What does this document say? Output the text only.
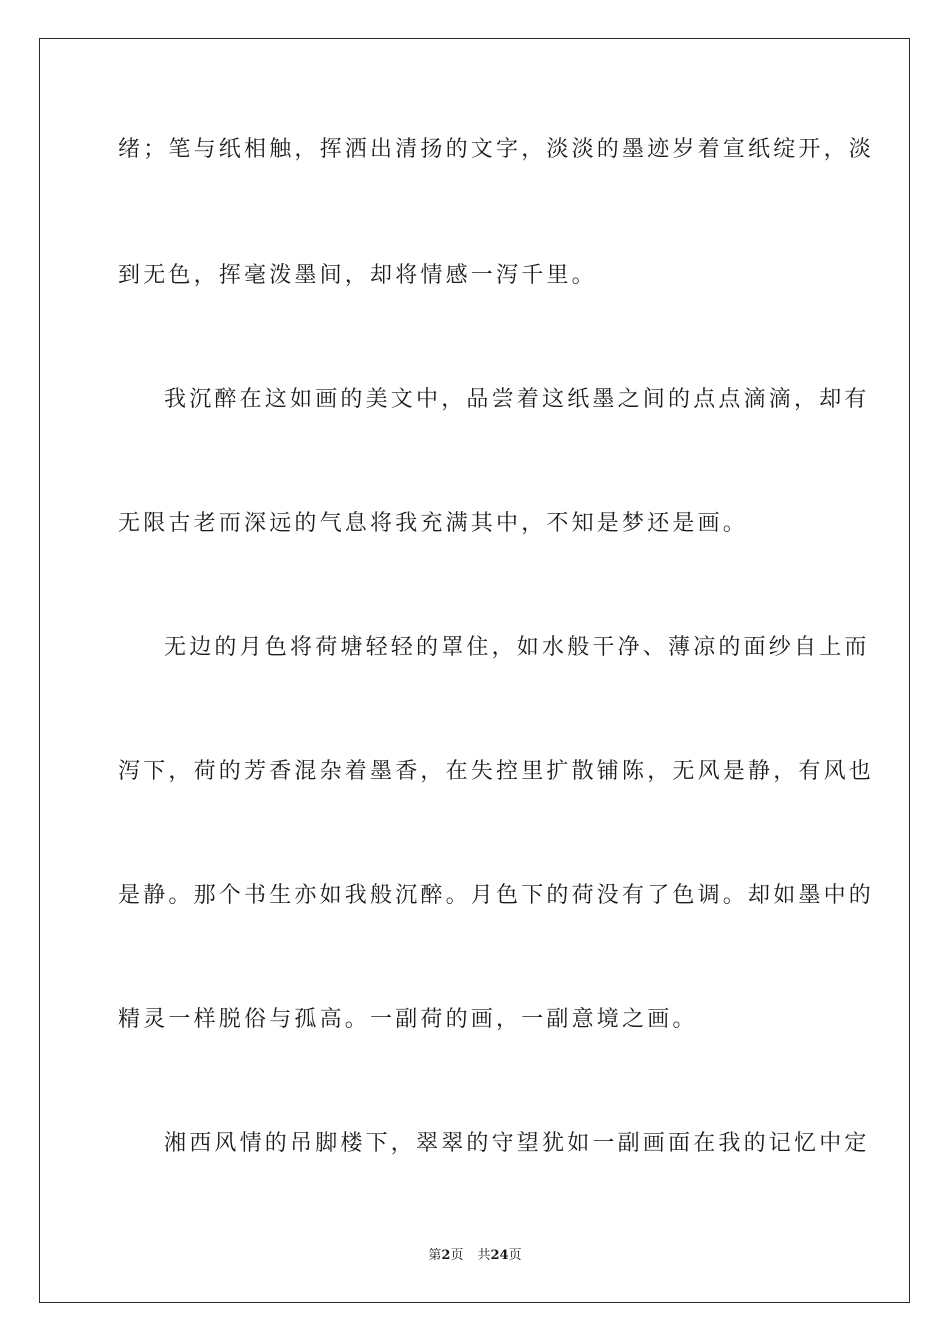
绪；笔与纸相触，挥洒出清扬的文字，淡淡的墨迹岁着宣纸绽开，淡
到无色，挥毫泼墨间，却将情感一泻千里。
我沉醉在这如画的美文中，品尝着这纸墨之间的点点滴滴，却有
无限古老而深远的气息将我充满其中，不知是梦还是画。
无边的月色将荷塘轻轻的罩住，如水般干净、薄凉的面纱自上而
泻下，荷的芳香混杂着墨香，在失控里扩散铺陈，无风是静，有风也
是静。那个书生亦如我般沉醉。月色下的荷没有了色调。却如墨中的
精灵一样脱俗与孤高。一副荷的画，一副意境之画。
湘西风情的吊脚楼下，翠翠的守望犹如一副画面在我的记忆中定
第2页 共24页
